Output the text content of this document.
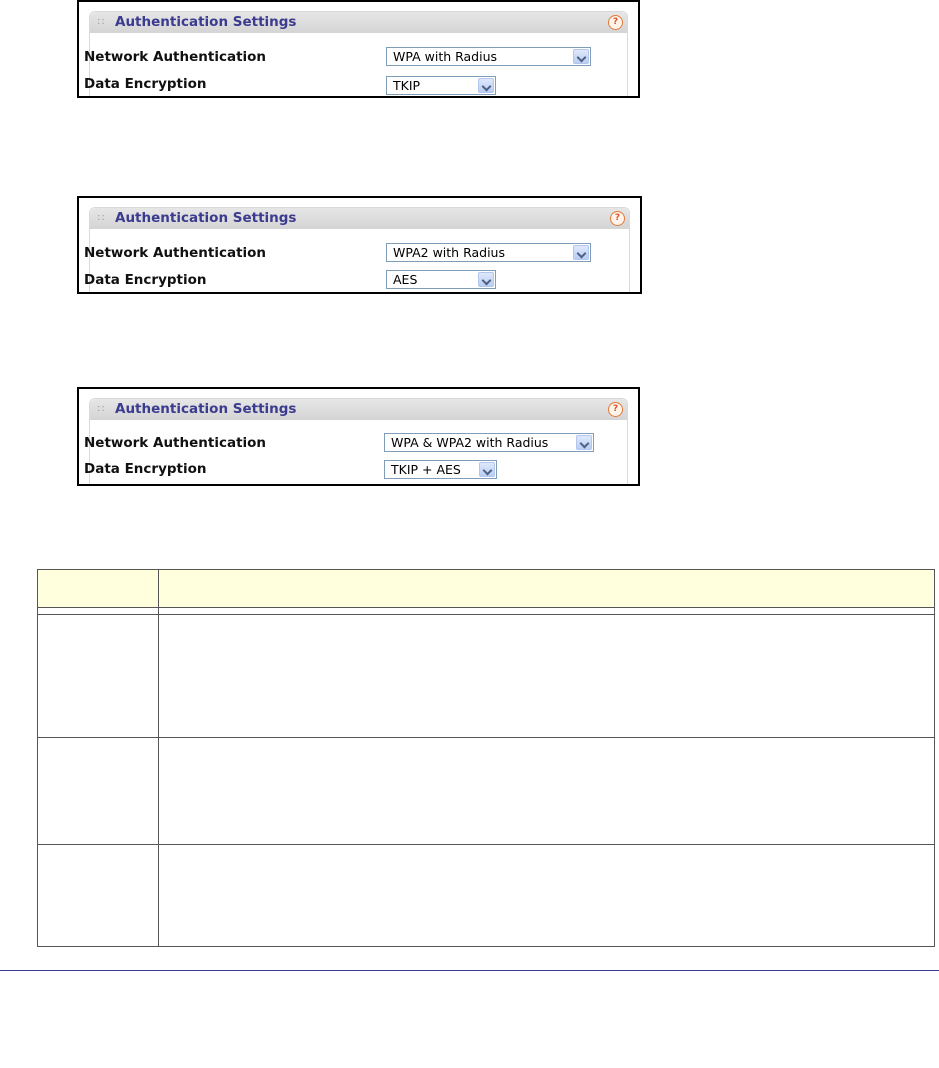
:: Authentication Settings	?
Network Authentication	WPA with Radius
Data Encryption	TKIP
:: Authentication Settings	?
Network Authentication	WPA2 with Radius
Data Encryption	AES
:: Authentication Settings	?
Network Authentication	WPA & WPA2 with Radius
Data Encryption	TKIP + AES
